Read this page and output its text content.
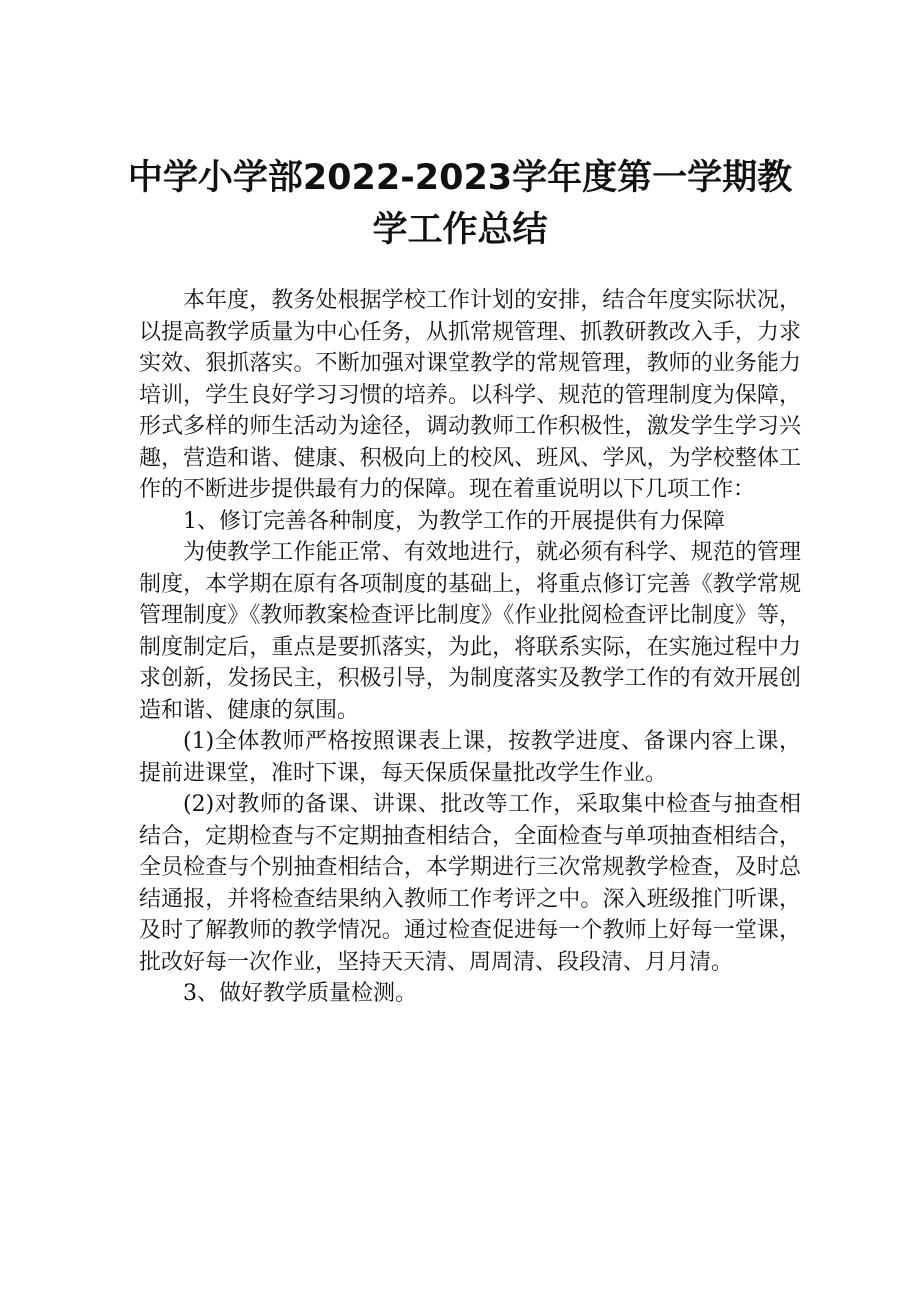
中学小学部2022-2023学年度第一学期教学工作总结

本年度，教务处根据学校工作计划的安排，结合年度实际状况，以提高教学质量为中心任务，从抓常规管理、抓教研教改入手，力求实效、狠抓落实。不断加强对课堂教学的常规管理，教师的业务能力培训，学生良好学习习惯的培养。以科学、规范的管理制度为保障，形式多样的师生活动为途径，调动教师工作积极性，激发学生学习兴趣，营造和谐、健康、积极向上的校风、班风、学风，为学校整体工作的不断进步提供最有力的保障。现在着重说明以下几项工作：

1、修订完善各种制度，为教学工作的开展提供有力保障

为使教学工作能正常、有效地进行，就必须有科学、规范的管理制度，本学期在原有各项制度的基础上，将重点修订完善《教学常规管理制度》《教师教案检查评比制度》《作业批阅检查评比制度》等，制度制定后，重点是要抓落实，为此，将联系实际，在实施过程中力求创新，发扬民主，积极引导，为制度落实及教学工作的有效开展创造和谐、健康的氛围。

(1)全体教师严格按照课表上课，按教学进度、备课内容上课，提前进课堂，准时下课，每天保质保量批改学生作业。

(2)对教师的备课、讲课、批改等工作，采取集中检查与抽查相结合，定期检查与不定期抽查相结合，全面检查与单项抽查相结合，全员检查与个别抽查相结合，本学期进行三次常规教学检查，及时总结通报，并将检查结果纳入教师工作考评之中。深入班级推门听课，及时了解教师的教学情况。通过检查促进每一个教师上好每一堂课，批改好每一次作业，坚持天天清、周周清、段段清、月月清。

3、做好教学质量检测。
